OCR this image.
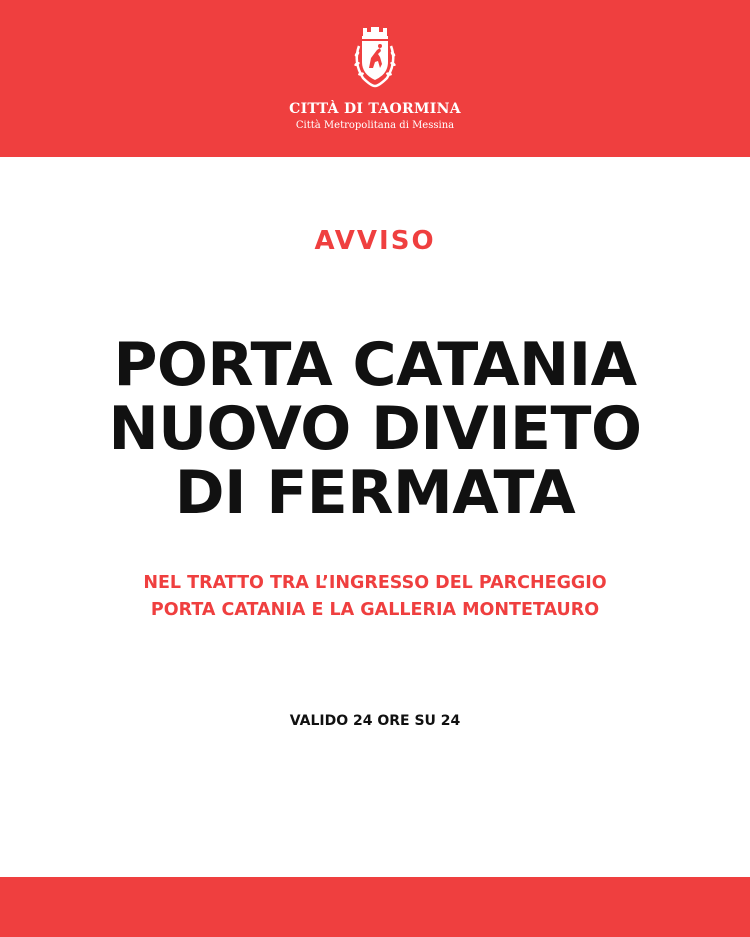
CITTÀ DI TAORMINA
Città Metropolitana di Messina
AVVISO
PORTA CATANIA
NUOVO DIVIETO
DI FERMATA
NEL TRATTO TRA L’INGRESSO DEL PARCHEGGIO
PORTA CATANIA E LA GALLERIA MONTETAURO
VALIDO 24 ORE SU 24
